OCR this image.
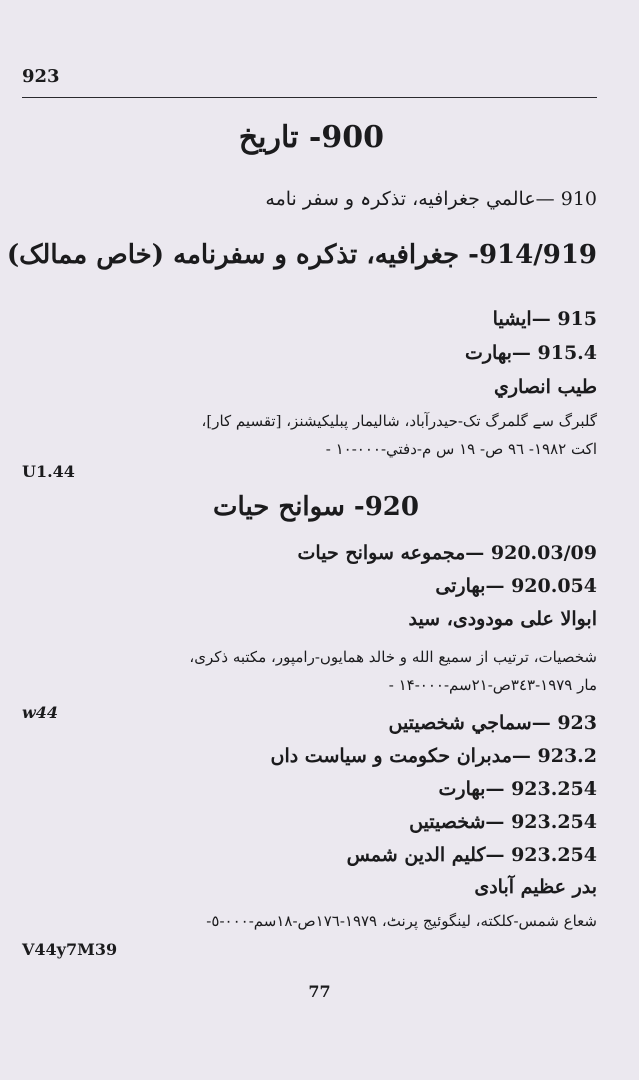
923
900- تاریخ
910 —عالمي جغرافيه، تذکرہ و سفر نامه
914/919- جغرافيه، تذكره و سفرنامه (خاص ممالک)
915 —ایشیا
915.4 —بھارت
طیب انصاري
گلبرگ سے گلمرگ تک-حیدرآباد، شالیمار پبلیکیشنز، [تقسیم کار]،
اکت ١٩٨٢- ٩٦ ص- ١٩ س م-دفتي-٠٠٠-١٠ -
U1.44
920- سوانح حیات
920.03/09 —مجموعه سوانح حیات
920.054 —بھارتی
ابوالا علی مودودی، سید
شخصیات، ترتیب از سمیع الله و خالد همایوں-رامپور، مکتبه ذکری،
مار ١٩٧٩-٣٤٣ص-٢١سم-٠٠٠-١۴ -
w44	923 —سماجي شخصیتیں
923.2 —مدبران حکومت و سیاست داں
923.254 —بھارت
923.254 —شخصیتیں
923.254 —کلیم الدین شمس
بدر عظیم آبادی
شعاع شمس-کلکته، لینگوئیج پرنٹ، ١٩٧٩-١٧٦ص-١٨سم-٠٠٠-٥-
V44y7M39
77
